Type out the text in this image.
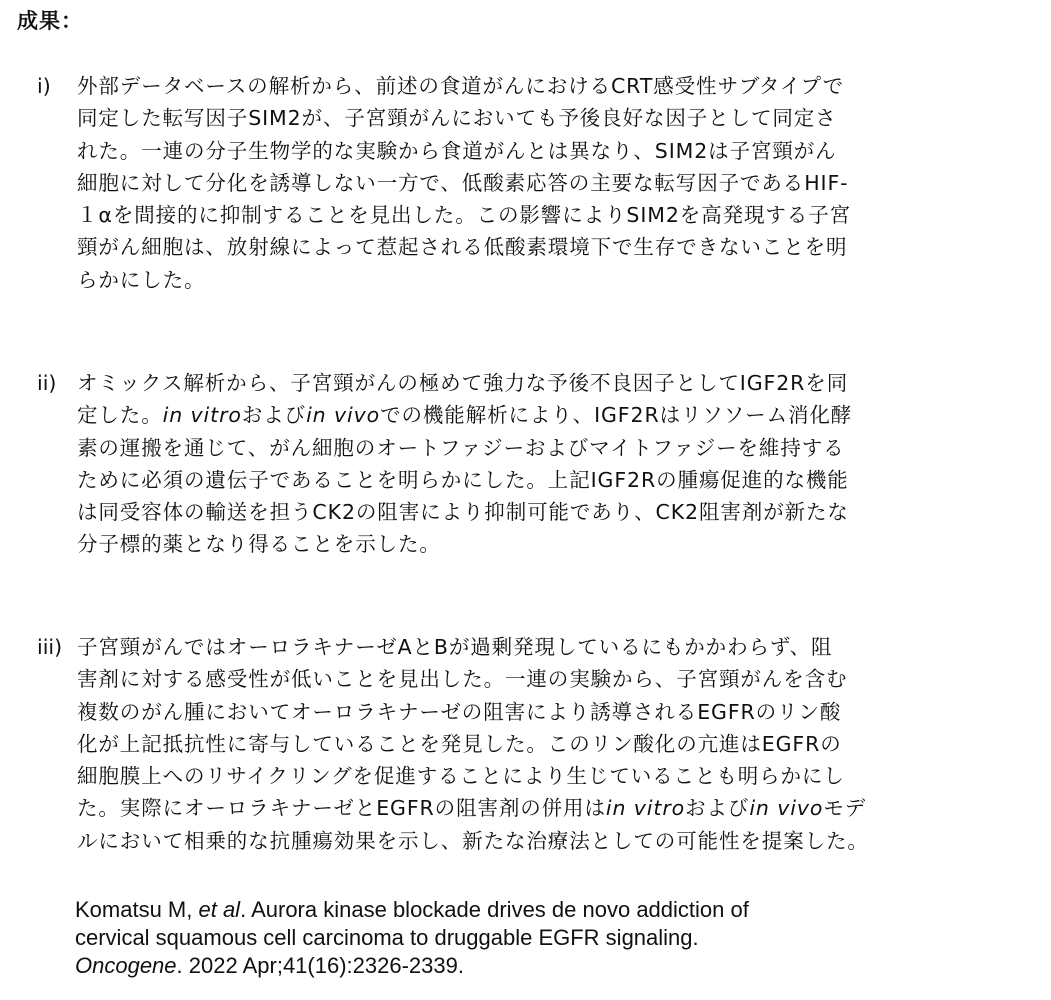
成果：
i) 外部データベースの解析から、前述の食道がんにおけるCRT感受性サブタイプで
同定した転写因子SIM2が、子宮頸がんにおいても予後良好な因子として同定さ
れた。一連の分子生物学的な実験から食道がんとは異なり、SIM2は子宮頸がん
細胞に対して分化を誘導しない一方で、低酸素応答の主要な転写因子であるHIF-
１αを間接的に抑制することを見出した。この影響によりSIM2を高発現する子宮
頸がん細胞は、放射線によって惹起される低酸素環境下で生存できないことを明
らかにした。
ii) オミックス解析から、子宮頸がんの極めて強力な予後不良因子としてIGF2Rを同
定した。in vitroおよびin vivoでの機能解析により、IGF2Rはリソソーム消化酵
素の運搬を通じて、がん細胞のオートファジーおよびマイトファジーを維持する
ために必須の遺伝子であることを明らかにした。上記IGF2Rの腫瘍促進的な機能
は同受容体の輸送を担うCK2の阻害により抑制可能であり、CK2阻害剤が新たな
分子標的薬となり得ることを示した。
iii) 子宮頸がんではオーロラキナーゼAとBが過剰発現しているにもかかわらず、阻
害剤に対する感受性が低いことを見出した。一連の実験から、子宮頸がんを含む
複数のがん腫においてオーロラキナーゼの阻害により誘導されるEGFRのリン酸
化が上記抵抗性に寄与していることを発見した。このリン酸化の亢進はEGFRの
細胞膜上へのリサイクリングを促進することにより生じていることも明らかにし
た。実際にオーロラキナーゼとEGFRの阻害剤の併用はin vitroおよびin vivoモデ
ルにおいて相乗的な抗腫瘍効果を示し、新たな治療法としての可能性を提案した。
Komatsu M, et al. Aurora kinase blockade drives de novo addiction of
cervical squamous cell carcinoma to druggable EGFR signaling.
Oncogene. 2022 Apr;41(16):2326-2339.
